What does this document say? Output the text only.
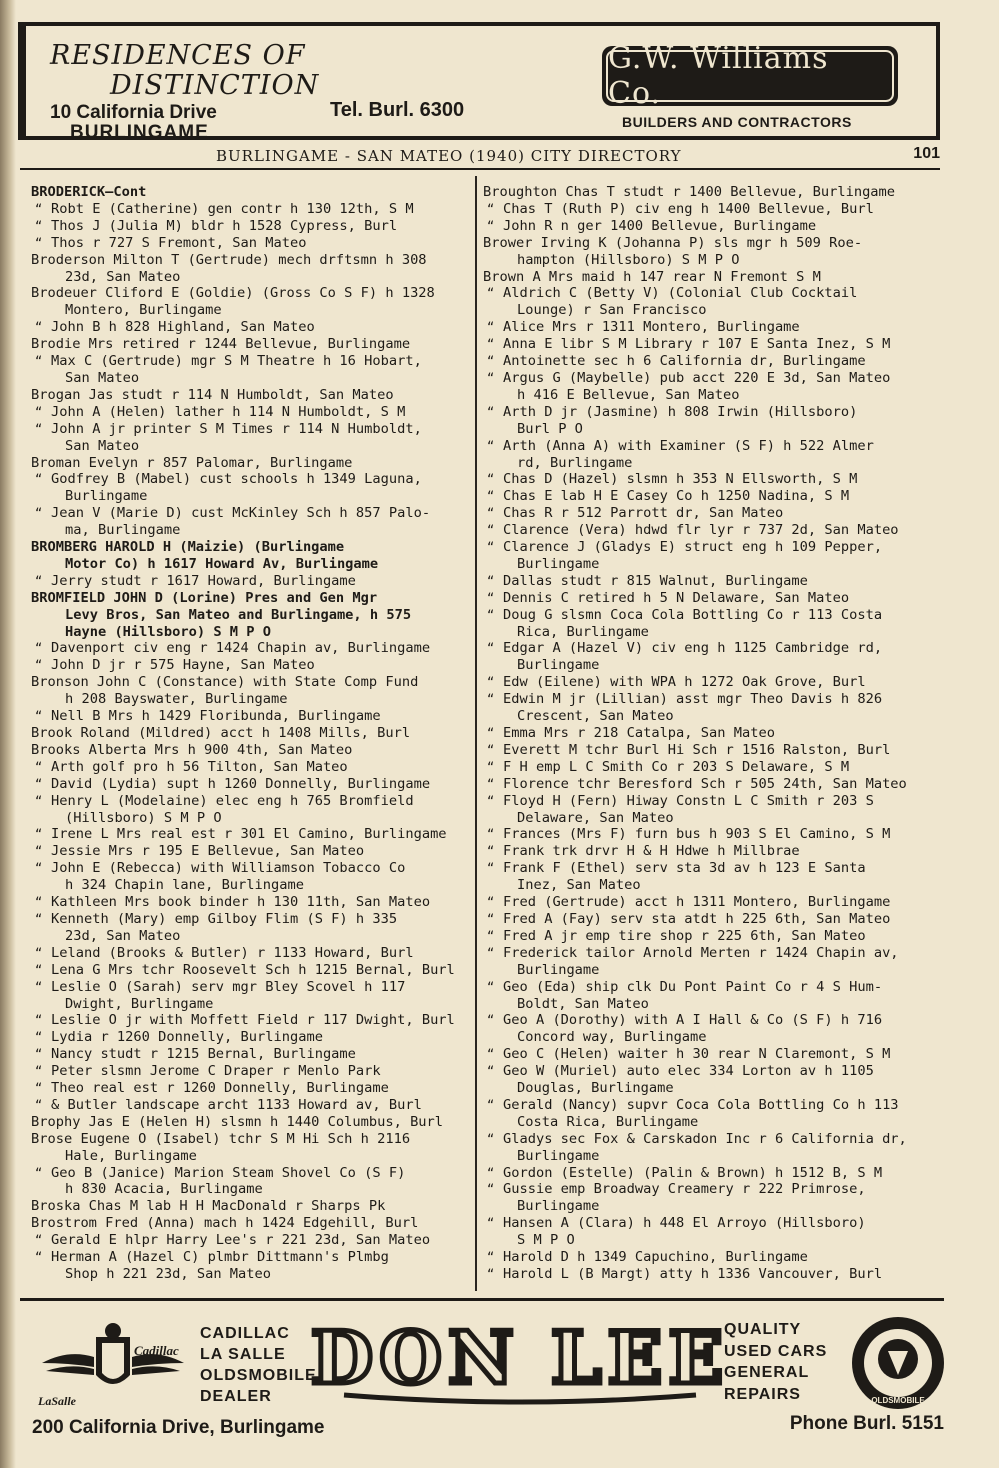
RESIDENCES OF
DISTINCTION
10 California Drive
BURLINGAME
Tel. Burl. 6300
G.W. Williams Co.
BUILDERS AND CONTRACTORS
BURLINGAME - SAN MATEO (1940) CITY DIRECTORY	101
BRODERICK—Cont
“ Robt E (Catherine) gen contr h 130 12th, S M
“ Thos J (Julia M) bldr h 1528 Cypress, Burl
“ Thos r 727 S Fremont, San Mateo
Broderson Milton T (Gertrude) mech drftsmn h 308
23d, San Mateo
Brodeuer Cliford E (Goldie) (Gross Co S F) h 1328
Montero, Burlingame
“ John B h 828 Highland, San Mateo
Brodie Mrs retired r 1244 Bellevue, Burlingame
“ Max C (Gertrude) mgr S M Theatre h 16 Hobart,
San Mateo
Brogan Jas studt r 114 N Humboldt, San Mateo
“ John A (Helen) lather h 114 N Humboldt, S M
“ John A jr printer S M Times r 114 N Humboldt,
San Mateo
Broman Evelyn r 857 Palomar, Burlingame
“ Godfrey B (Mabel) cust schools h 1349 Laguna,
Burlingame
“ Jean V (Marie D) cust McKinley Sch h 857 Palo-
ma, Burlingame
BROMBERG HAROLD H (Maizie) (Burlingame
Motor Co) h 1617 Howard Av, Burlingame
“ Jerry studt r 1617 Howard, Burlingame
BROMFIELD JOHN D (Lorine) Pres and Gen Mgr
Levy Bros, San Mateo and Burlingame, h 575
Hayne (Hillsboro) S M P O
“ Davenport civ eng r 1424 Chapin av, Burlingame
“ John D jr r 575 Hayne, San Mateo
Bronson John C (Constance) with State Comp Fund
h 208 Bayswater, Burlingame
“ Nell B Mrs h 1429 Floribunda, Burlingame
Brook Roland (Mildred) acct h 1408 Mills, Burl
Brooks Alberta Mrs h 900 4th, San Mateo
“ Arth golf pro h 56 Tilton, San Mateo
“ David (Lydia) supt h 1260 Donnelly, Burlingame
“ Henry L (Modelaine) elec eng h 765 Bromfield
(Hillsboro) S M P O
“ Irene L Mrs real est r 301 El Camino, Burlingame
“ Jessie Mrs r 195 E Bellevue, San Mateo
“ John E (Rebecca) with Williamson Tobacco Co
h 324 Chapin lane, Burlingame
“ Kathleen Mrs book binder h 130 11th, San Mateo
“ Kenneth (Mary) emp Gilboy Flim (S F) h 335
23d, San Mateo
“ Leland (Brooks & Butler) r 1133 Howard, Burl
“ Lena G Mrs tchr Roosevelt Sch h 1215 Bernal, Burl
“ Leslie O (Sarah) serv mgr Bley Scovel h 117
Dwight, Burlingame
“ Leslie O jr with Moffett Field r 117 Dwight, Burl
“ Lydia r 1260 Donnelly, Burlingame
“ Nancy studt r 1215 Bernal, Burlingame
“ Peter slsmn Jerome C Draper r Menlo Park
“ Theo real est r 1260 Donnelly, Burlingame
“ & Butler landscape archt 1133 Howard av, Burl
Brophy Jas E (Helen H) slsmn h 1440 Columbus, Burl
Brose Eugene O (Isabel) tchr S M Hi Sch h 2116
Hale, Burlingame
“ Geo B (Janice) Marion Steam Shovel Co (S F)
h 830 Acacia, Burlingame
Broska Chas M lab H H MacDonald r Sharps Pk
Brostrom Fred (Anna) mach h 1424 Edgehill, Burl
“ Gerald E hlpr Harry Lee's r 221 23d, San Mateo
“ Herman A (Hazel C) plmbr Dittmann's Plmbg
Shop h 221 23d, San Mateo
Broughton Chas T studt r 1400 Bellevue, Burlingame
“ Chas T (Ruth P) civ eng h 1400 Bellevue, Burl
“ John R n ger 1400 Bellevue, Burlingame
Brower Irving K (Johanna P) sls mgr h 509 Roe-
hampton (Hillsboro) S M P O
Brown A Mrs maid h 147 rear N Fremont S M
“ Aldrich C (Betty V) (Colonial Club Cocktail
Lounge) r San Francisco
“ Alice Mrs r 1311 Montero, Burlingame
“ Anna E libr S M Library r 107 E Santa Inez, S M
“ Antoinette sec h 6 California dr, Burlingame
“ Argus G (Maybelle) pub acct 220 E 3d, San Mateo
h 416 E Bellevue, San Mateo
“ Arth D jr (Jasmine) h 808 Irwin (Hillsboro)
Burl P O
“ Arth (Anna A) with Examiner (S F) h 522 Almer
rd, Burlingame
“ Chas D (Hazel) slsmn h 353 N Ellsworth, S M
“ Chas E lab H E Casey Co h 1250 Nadina, S M
“ Chas R r 512 Parrott dr, San Mateo
“ Clarence (Vera) hdwd flr lyr r 737 2d, San Mateo
“ Clarence J (Gladys E) struct eng h 109 Pepper,
Burlingame
“ Dallas studt r 815 Walnut, Burlingame
“ Dennis C retired h 5 N Delaware, San Mateo
“ Doug G slsmn Coca Cola Bottling Co r 113 Costa
Rica, Burlingame
“ Edgar A (Hazel V) civ eng h 1125 Cambridge rd,
Burlingame
“ Edw (Eilene) with WPA h 1272 Oak Grove, Burl
“ Edwin M jr (Lillian) asst mgr Theo Davis h 826
Crescent, San Mateo
“ Emma Mrs r 218 Catalpa, San Mateo
“ Everett M tchr Burl Hi Sch r 1516 Ralston, Burl
“ F H emp L C Smith Co r 203 S Delaware, S M
“ Florence tchr Beresford Sch r 505 24th, San Mateo
“ Floyd H (Fern) Hiway Constn L C Smith r 203 S
Delaware, San Mateo
“ Frances (Mrs F) furn bus h 903 S El Camino, S M
“ Frank trk drvr H & H Hdwe h Millbrae
“ Frank F (Ethel) serv sta 3d av h 123 E Santa
Inez, San Mateo
“ Fred (Gertrude) acct h 1311 Montero, Burlingame
“ Fred A (Fay) serv sta atdt h 225 6th, San Mateo
“ Fred A jr emp tire shop r 225 6th, San Mateo
“ Frederick tailor Arnold Merten r 1424 Chapin av,
Burlingame
“ Geo (Eda) ship clk Du Pont Paint Co r 4 S Hum-
Boldt, San Mateo
“ Geo A (Dorothy) with A I Hall & Co (S F) h 716
Concord way, Burlingame
“ Geo C (Helen) waiter h 30 rear N Claremont, S M
“ Geo W (Muriel) auto elec 334 Lorton av h 1105
Douglas, Burlingame
“ Gerald (Nancy) supvr Coca Cola Bottling Co h 113
Costa Rica, Burlingame
“ Gladys sec Fox & Carskadon Inc r 6 California dr,
Burlingame
“ Gordon (Estelle) (Palin & Brown) h 1512 B, S M
“ Gussie emp Broadway Creamery r 222 Primrose,
Burlingame
“ Hansen A (Clara) h 448 El Arroyo (Hillsboro)
S M P O
“ Harold D h 1349 Capuchino, Burlingame
“ Harold L (B Margt) atty h 1336 Vancouver, Burl
Cadillac
LaSalle
CADILLAC
LA SALLE
OLDSMOBILE
DEALER DON LEE
QUALITY
USED CARS
GENERAL
REPAIRS	OLDSMOBILE
200 California Drive, Burlingame	Phone Burl. 5151
